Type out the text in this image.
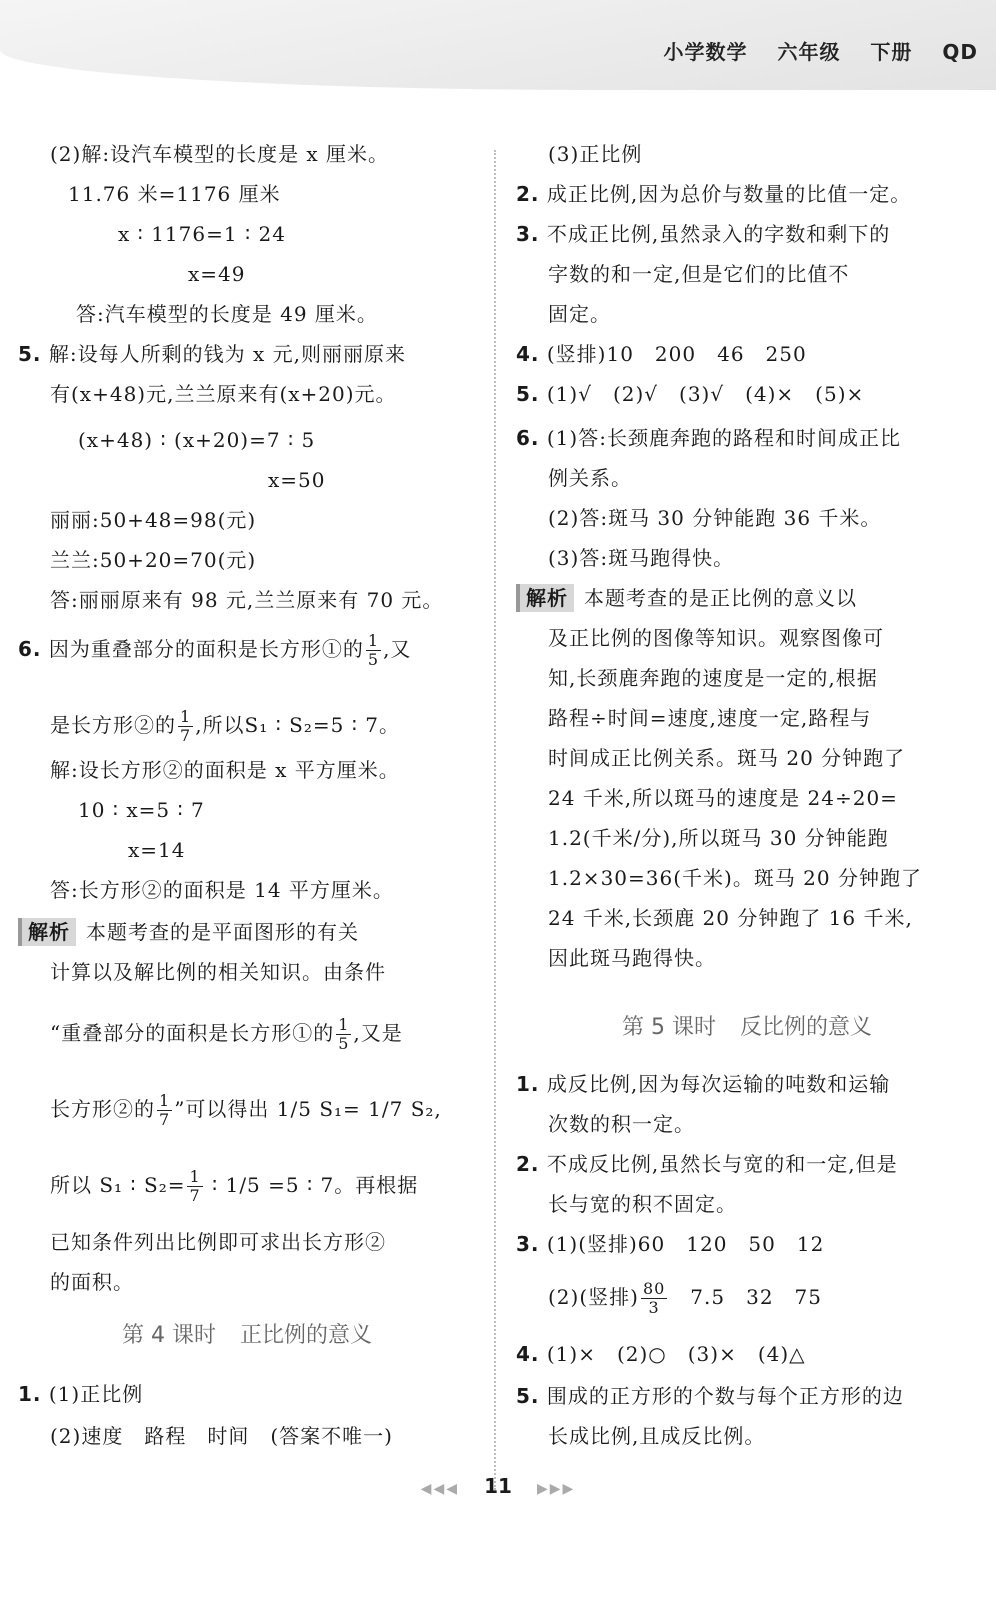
小学数学 六年级 下册 QD
(2)解:设汽车模型的长度是 x 厘米。
11.76 米=1176 厘米
x ∶ 1176=1 ∶ 24
x=49
答:汽车模型的长度是 49 厘米。
5. 解:设每人所剩的钱为 x 元,则丽丽原来
有(x+48)元,兰兰原来有(x+20)元。
(x+48) ∶ (x+20)=7 ∶ 5
x=50
丽丽:50+48=98(元)
兰兰:50+20=70(元)
答:丽丽原来有 98 元,兰兰原来有 70 元。
6. 因为重叠部分的面积是长方形①的 $\frac{1}{5}$ ,又
是长方形②的 $\frac{1}{7}$ ,所以S₁ ∶ S₂=5 ∶ 7。
解:设长方形②的面积是 x 平方厘米。
10 ∶ x=5 ∶ 7
x=14
答:长方形②的面积是 14 平方厘米。
解析 本题考查的是平面图形的有关
计算以及解比例的相关知识。由条件
“重叠部分的面积是长方形①的 $\frac{1}{5}$ ,又是
长方形②的 $\frac{1}{7}$ ”可以得出 1/5 S₁= 1/7 S₂,
所以 S₁ ∶ $S_2= \frac{1}{7}$ ∶ 1/5 =5 ∶ 7。再根据
已知条件列出比例即可求出长方形②
的面积。
第 4 课时 正比例的意义
1. (1)正比例
(2)速度　路程　时间　(答案不唯一)
(3)正比例
2. 成正比例,因为总价与数量的比值一定。
3. 不成正比例,虽然录入的字数和剩下的
字数的和一定,但是它们的比值不
固定。
4. (竖排)10　200　46　250
5. (1)√　(2)√　(3)√　(4)×　(5)×
6. (1)答:长颈鹿奔跑的路程和时间成正比
例关系。
(2)答:斑马 30 分钟能跑 36 千米。
(3)答:斑马跑得快。
解析 本题考查的是正比例的意义以
及正比例的图像等知识。观察图像可
知,长颈鹿奔跑的速度是一定的,根据
路程÷时间=速度,速度一定,路程与
时间成正比例关系。斑马 20 分钟跑了
24 千米,所以斑马的速度是 24÷20=
1.2(千米/分),所以斑马 30 分钟能跑
1.2×30=36(千米)。斑马 20 分钟跑了
24 千米,长颈鹿 20 分钟跑了 16 千米,
因此斑马跑得快。
第 5 课时 反比例的意义
1. 成反比例,因为每次运输的吨数和运输
次数的积一定。
2. 不成反比例,虽然长与宽的和一定,但是
长与宽的积不固定。
3. (1)(竖排)60　120　50　12
(2)(竖排) $\frac{80}{3}$ 　7.5　32　75
4. (1)×　(2)○　(3)×　(4)△
5. 围成的正方形的个数与每个正方形的边
长成比例,且成反比例。
◀◀◀ 11 ▶▶▶
